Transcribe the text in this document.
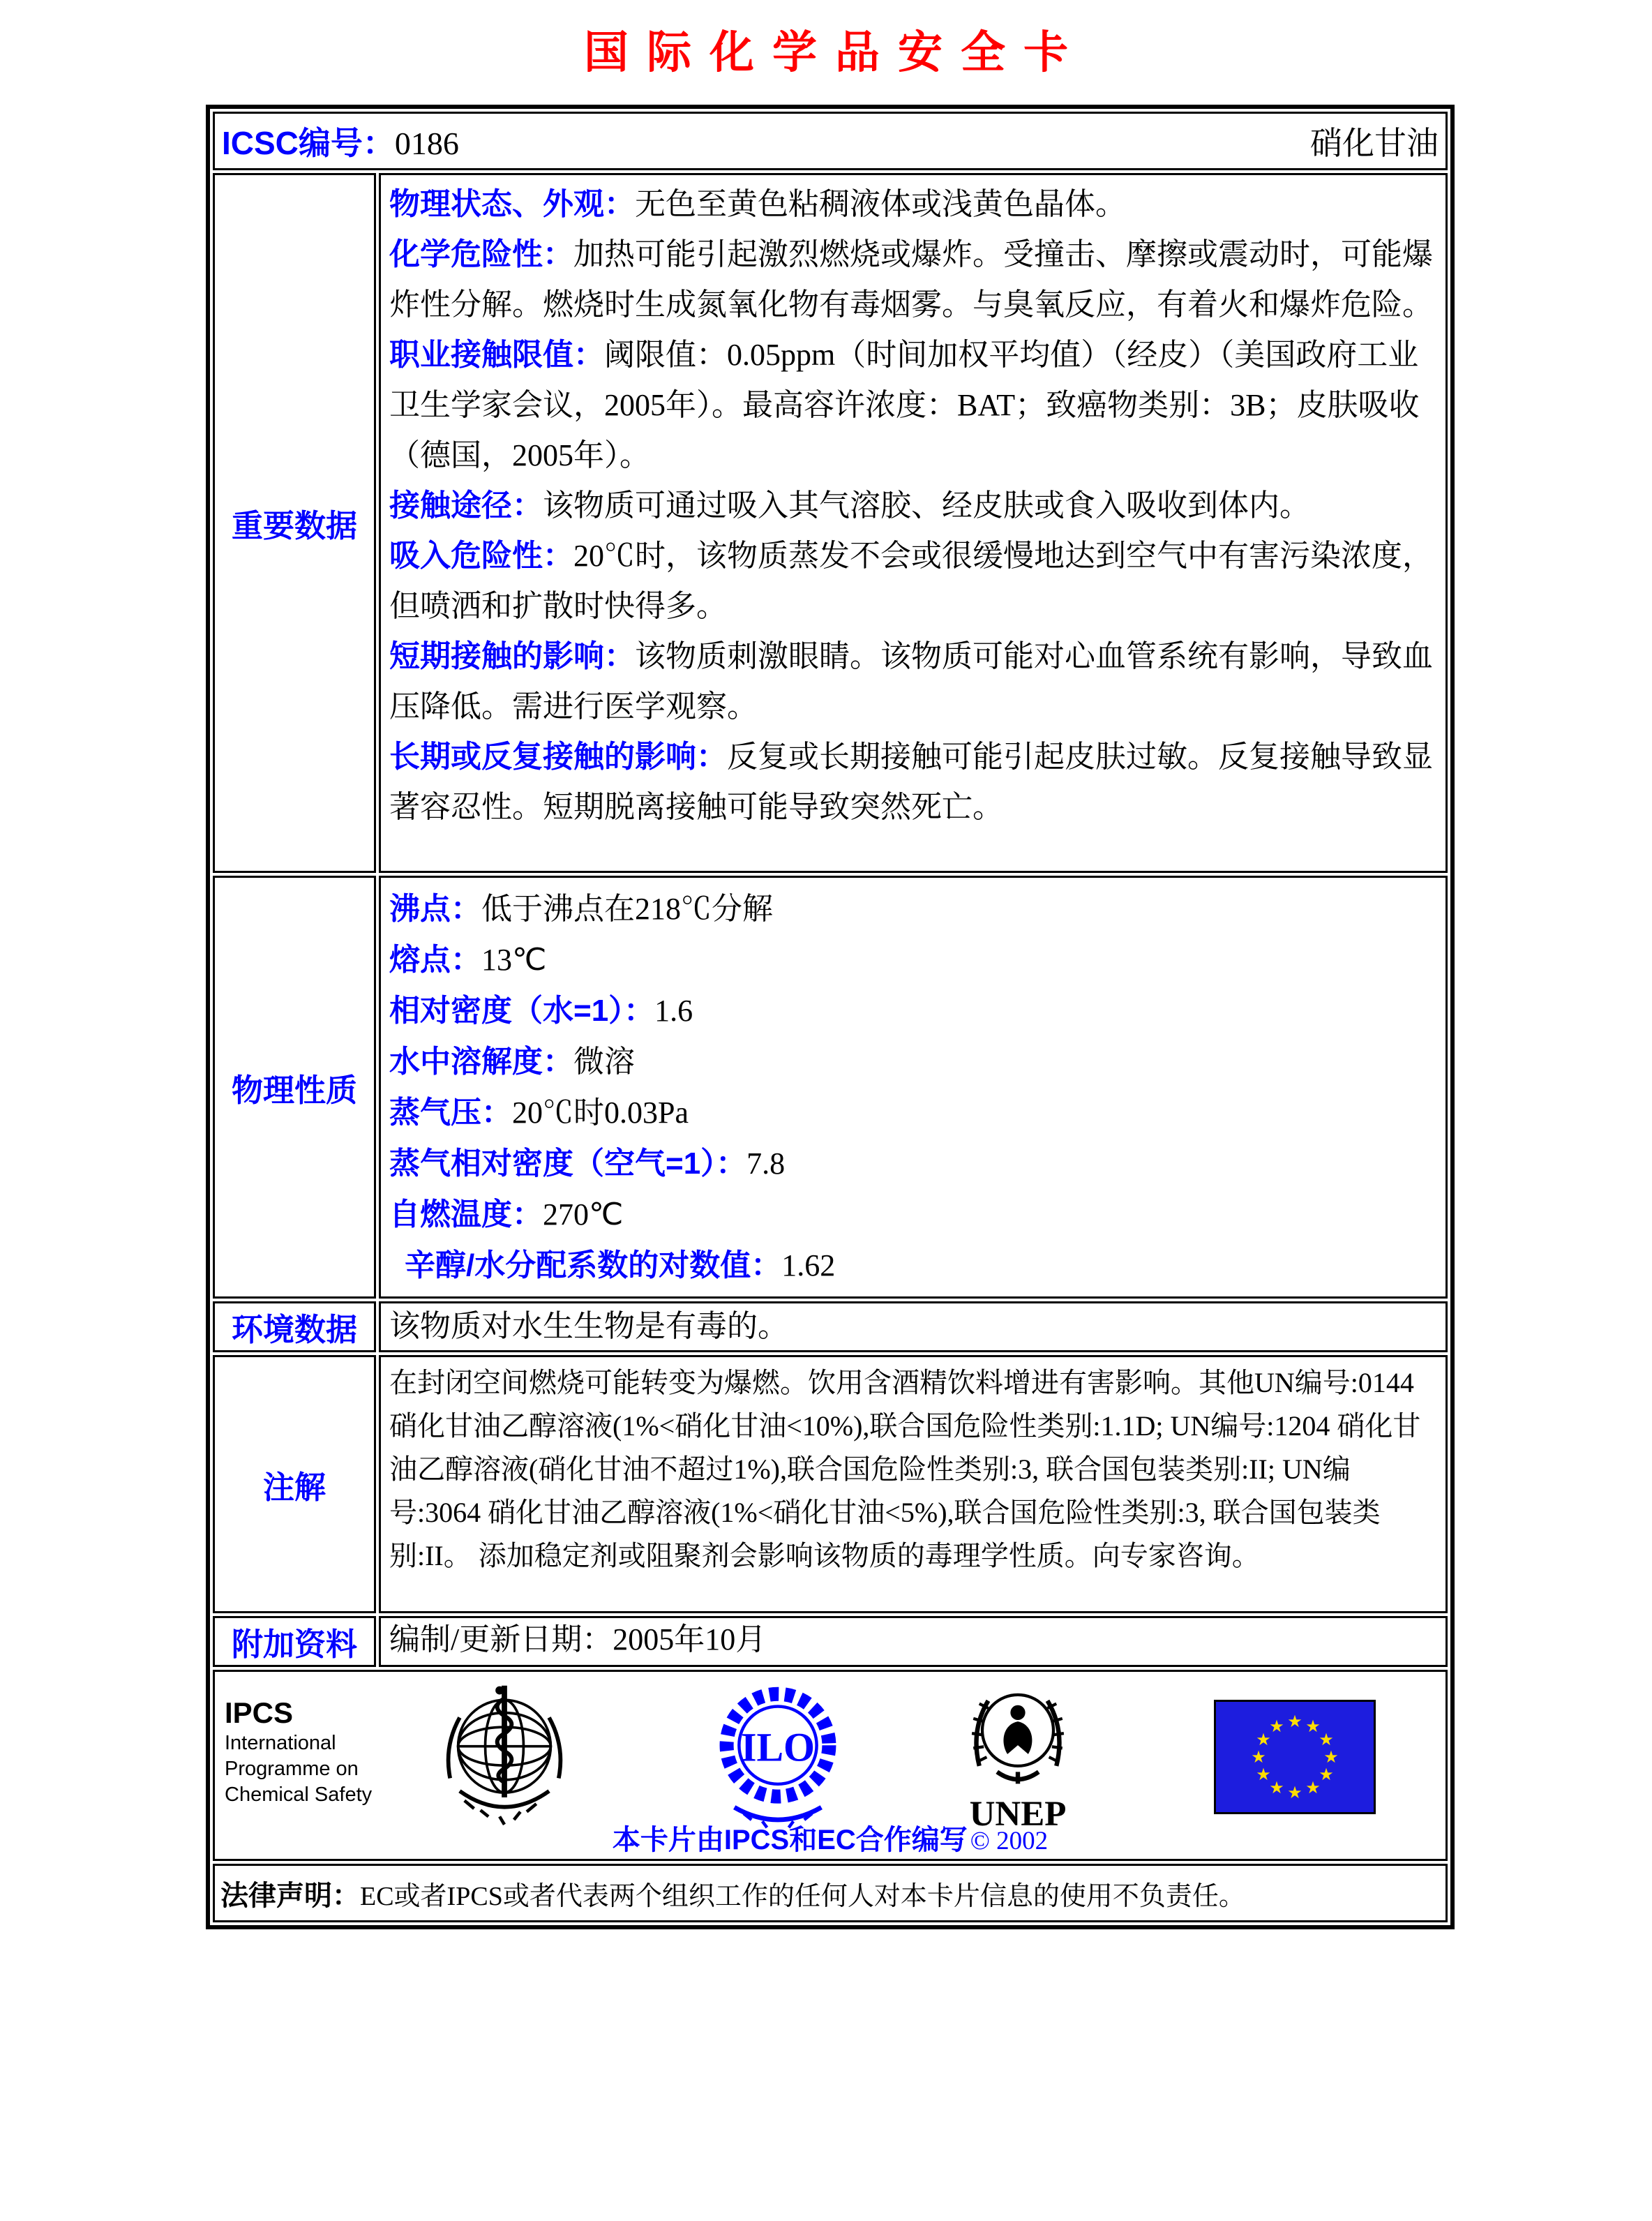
国际化学品安全卡
ICSC编号：0186 硝化甘油	

重要数据	
物理状态、外观：无色至黄色粘稠液体或浅黄色晶体。
化学危险性：加热可能引起激烈燃烧或爆炸。受撞击、摩擦或震动时，可能爆炸性分解。燃烧时生成氮氧化物有毒烟雾。与臭氧反应，有着火和爆炸危险。
职业接触限值：阈限值：0.05ppm（时间加权平均值）（经皮）（美国政府工业卫生学家会议，2005年）。最高容许浓度：BAT；致癌物类别：3B；皮肤吸收（德国，2005年）。
接触途径：该物质可通过吸入其气溶胶、经皮肤或食入吸收到体内。
吸入危险性：20℃时，该物质蒸发不会或很缓慢地达到空气中有害污染浓度，但喷洒和扩散时快得多。
短期接触的影响：该物质刺激眼睛。该物质可能对心血管系统有影响，导致血压降低。需进行医学观察。
长期或反复接触的影响：反复或长期接触可能引起皮肤过敏。反复接触导致显著容忍性。短期脱离接触可能导致突然死亡。

物理性质	
沸点：低于沸点在218℃分解
熔点：13℃
相对密度（水=1）：1.6
水中溶解度：微溶
蒸气压：20℃时0.03Pa
蒸气相对密度（空气=1）：7.8
自燃温度：270℃
辛醇/水分配系数的对数值：1.62

环境数据	该物质对水生生物是有毒的。
注解	在封闭空间燃烧可能转变为爆燃。饮用含酒精饮料增进有害影响。其他UN编号:0144 硝化甘油乙醇溶液(1%<硝化甘油<10%),联合国危险性类别:1.1D; UN编号:1204 硝化甘油乙醇溶液(硝化甘油不超过1%),联合国危险性类别:3, 联合国包装类别:II; UN编号:3064 硝化甘油乙醇溶液(1%<硝化甘油<5%),联合国危险性类别:3, 联合国包装类别:II。 添加稳定剂或阻聚剂会影响该物质的毒理学性质。向专家咨询。
附加资料	编制/更新日期：2005年10月

IPCS
International
Programme on
Chemical Safety
ILO
UNEP
★ ★
★
★
★
★
★
★
★
★
★
★
本卡片由IPCS和EC合作编写 © 2002

法律声明：EC或者IPCS或者代表两个组织工作的任何人对本卡片信息的使用不负责任。	
